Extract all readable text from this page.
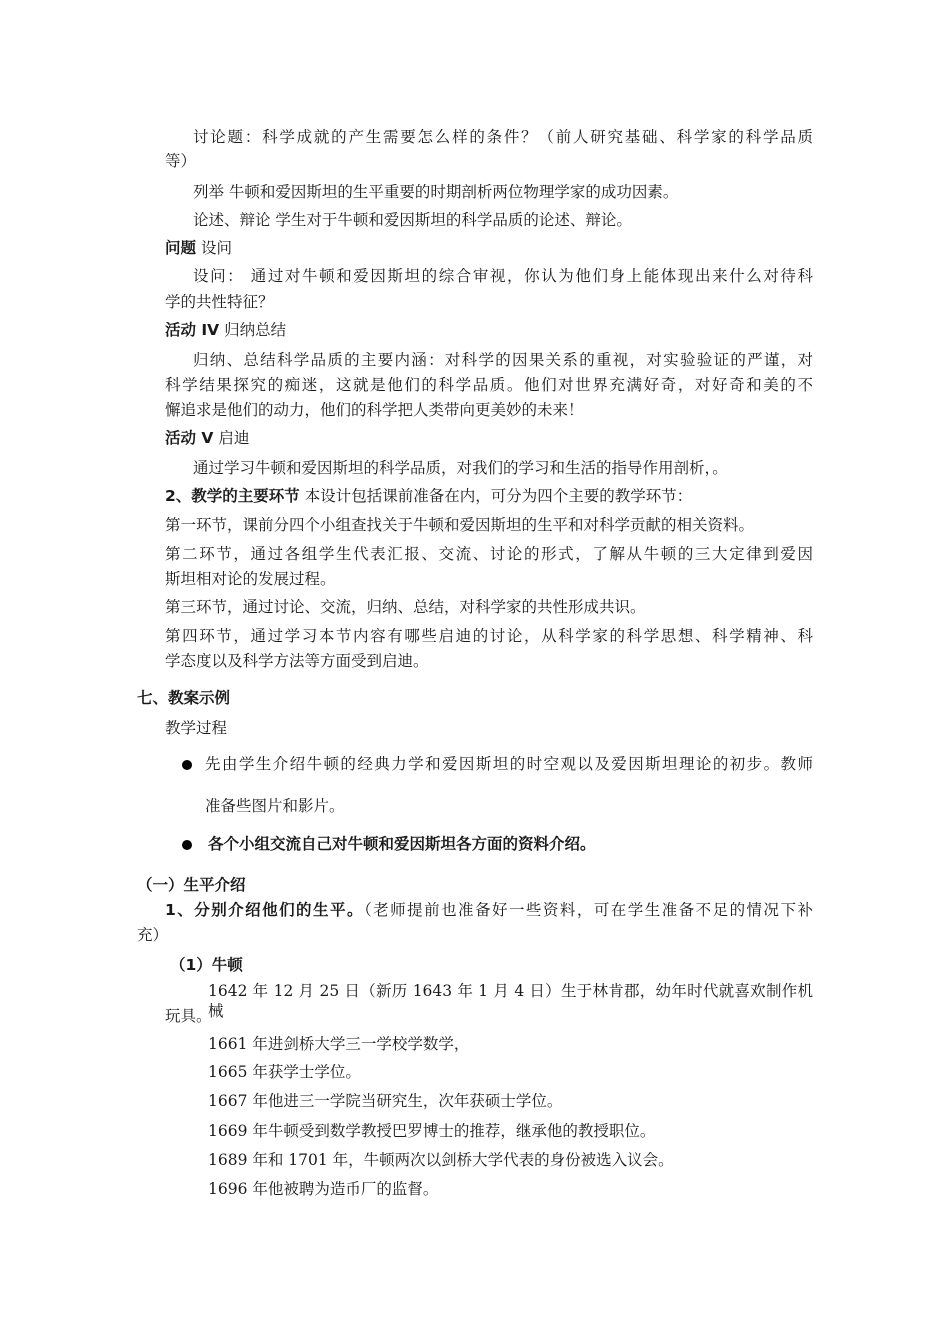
讨论题：科学成就的产生需要怎么样的条件？（前人研究基础、科学家的科学品质
等）
列举 牛顿和爱因斯坦的生平重要的时期剖析两位物理学家的成功因素。
论述、辩论 学生对于牛顿和爱因斯坦的科学品质的论述、辩论。
问题 设问
设问： 通过对牛顿和爱因斯坦的综合审视，你认为他们身上能体现出来什么对待科
学的共性特征？
活动 IV 归纳总结
归纳、总结科学品质的主要内涵：对科学的因果关系的重视，对实验验证的严谨，对
科学结果探究的痴迷，这就是他们的科学品质。他们对世界充满好奇，对好奇和美的不
懈追求是他们的动力，他们的科学把人类带向更美妙的未来！
活动 V 启迪
通过学习牛顿和爱因斯坦的科学品质，对我们的学习和生活的指导作用剖析，。
2、教学的主要环节 本设计包括课前准备在内，可分为四个主要的教学环节：
第一环节，课前分四个小组查找关于牛顿和爱因斯坦的生平和对科学贡献的相关资料。
第二环节，通过各组学生代表汇报、交流、讨论的形式，了解从牛顿的三大定律到爱因
斯坦相对论的发展过程。
第三环节，通过讨论、交流，归纳、总结，对科学家的共性形成共识。
第四环节，通过学习本节内容有哪些启迪的讨论，从科学家的科学思想、科学精神、科
学态度以及科学方法等方面受到启迪。
七、教案示例
教学过程
先由学生介绍牛顿的经典力学和爱因斯坦的时空观以及爱因斯坦理论的初步。教师
准备些图片和影片。
各个小组交流自己对牛顿和爱因斯坦各方面的资料介绍。
（一）生平介绍
1、分别介绍他们的生平。（老师提前也准备好一些资料，可在学生准备不足的情况下补
充）
（1）牛顿
1642 年 12 月 25 日（新历 1643 年 1 月 4 日）生于林肯郡，幼年时代就喜欢制作机械
玩具。
1661 年进剑桥大学三一学校学数学，
1665 年获学士学位。
1667 年他进三一学院当研究生，次年获硕士学位。
1669 年牛顿受到数学教授巴罗博士的推荐，继承他的教授职位。
1689 年和 1701 年，牛顿两次以剑桥大学代表的身份被选入议会。
1696 年他被聘为造币厂的监督。
